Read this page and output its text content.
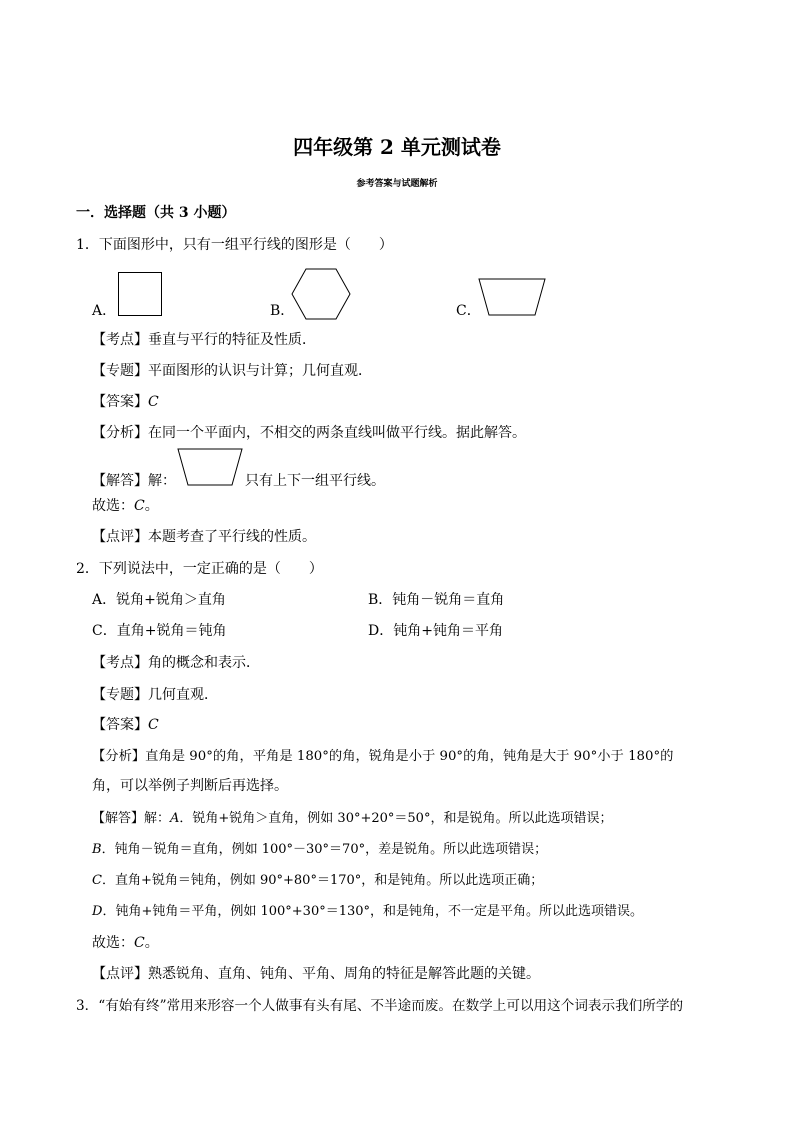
四年级第 2 单元测试卷
参考答案与试题解析
一．选择题（共 3 小题）
1．下面图形中，只有一组平行线的图形是（　　）
A．	B．	C．
【考点】垂直与平行的特征及性质．
【专题】平面图形的认识与计算；几何直观．
【答案】C
【分析】在同一个平面内，不相交的两条直线叫做平行线。据此解答。
【解答】解：	只有上下一组平行线。
故选：C。
【点评】本题考查了平行线的性质。
2．下列说法中，一定正确的是（　　）
A．锐角+锐角＞直角	B．钝角－锐角＝直角
C．直角+锐角＝钝角	D．钝角+钝角＝平角
【考点】角的概念和表示．
【专题】几何直观．
【答案】C
【分析】直角是 90°的角，平角是 180°的角，锐角是小于 90°的角，钝角是大于 90°小于 180°的
角，可以举例子判断后再选择。
【解答】解：A．锐角+锐角＞直角，例如 30°+20°＝50°，和是锐角。所以此选项错误；
B．钝角－锐角＝直角，例如 100°－30°＝70°，差是锐角。所以此选项错误；
C．直角+锐角＝钝角，例如 90°+80°＝170°，和是钝角。所以此选项正确；
D．钝角+钝角＝平角，例如 100°+30°＝130°，和是钝角，不一定是平角。所以此选项错误。
故选：C。
【点评】熟悉锐角、直角、钝角、平角、周角的特征是解答此题的关键。
3．“有始有终”常用来形容一个人做事有头有尾、不半途而废。在数学上可以用这个词表示我们所学的
